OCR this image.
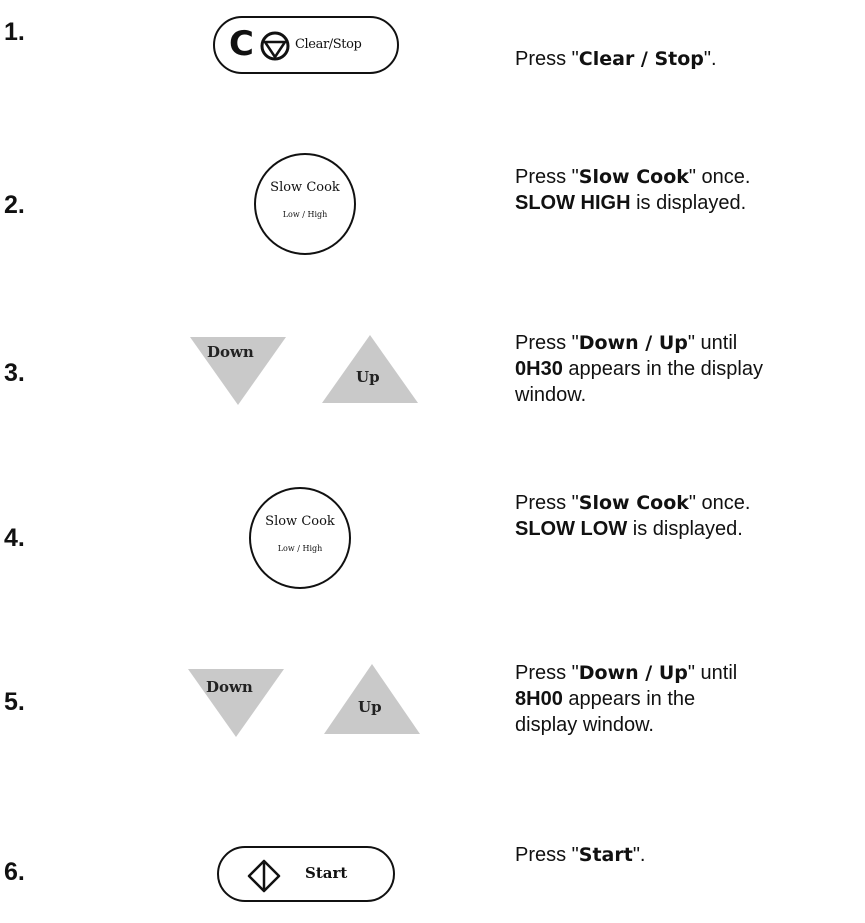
1.	C	Clear/Stop
Press "Clear / Stop".
2.
Slow Cook
Low / High
Press "Slow Cook" once.
SLOW HIGH is displayed.
3.
Down
Up
Press "Down / Up" until
0H30 appears in the display
window.
4.
Slow Cook
Low / High
Press "Slow Cook" once.
SLOW LOW is displayed.
5.
Down
Up
Press "Down / Up" until
8H00 appears in the
display window.
6.	Start
Press "Start".
